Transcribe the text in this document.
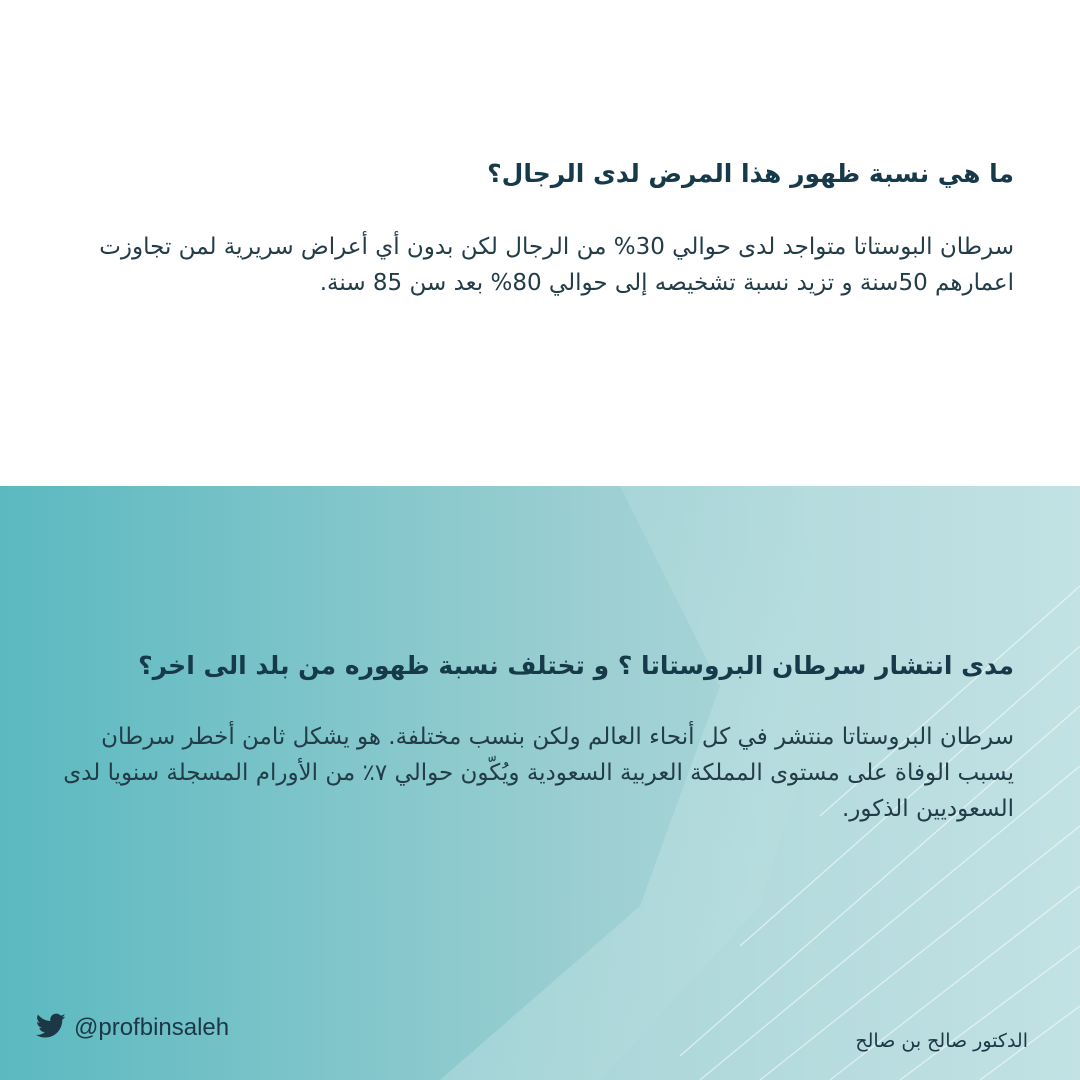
ما هي نسبة ظهور هذا المرض لدى الرجال؟

سرطان البوستاتا متواجد لدى حوالي 30% من الرجال لكن بدون أي أعراض سريرية لمن تجاوزت اعمارهم 50سنة و تزيد نسبة تشخيصه إلى حوالي 80% بعد سن 85 سنة.

مدى انتشار سرطان البروستاتا ؟ و تختلف نسبة ظهوره من بلد الى اخر؟

سرطان البروستاتا منتشر في كل أنحاء العالم ولكن بنسب مختلفة. هو يشكل ثامن أخطر سرطان يسبب الوفاة على مستوى المملكة العربية السعودية ويُكّون حوالي ٧٪ من الأورام المسجلة سنويا لدى السعوديين الذكور.

@profbinsaleh	الدكتور صالح بن صالح
